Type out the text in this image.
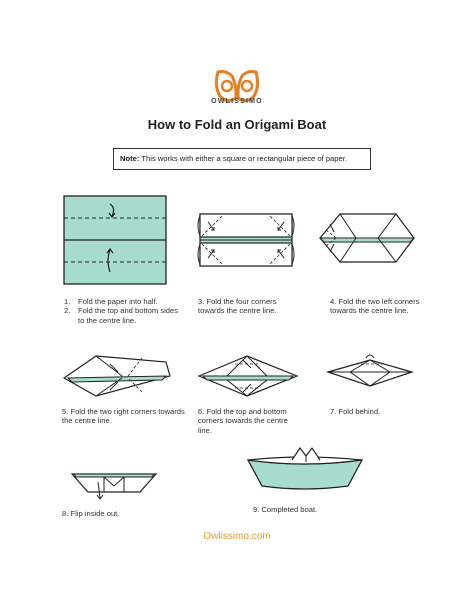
OWLISSIMO
How to Fold an Origami Boat
Note: This works with either a square or rectangular piece of paper.
1.	Fold the paper into half.
2.	Fold the top and bottom sides to the centre line.
3. Fold the four corners towards the centre line.
4. Fold the two left corners towards the centre line.
5. Fold the two right corners towards the centre line.
6. Fold the top and bottom corners towards the centre line.
7. Fold behind.
8. Flip inside out.	9. Completed boat.
Owlissimo.com
